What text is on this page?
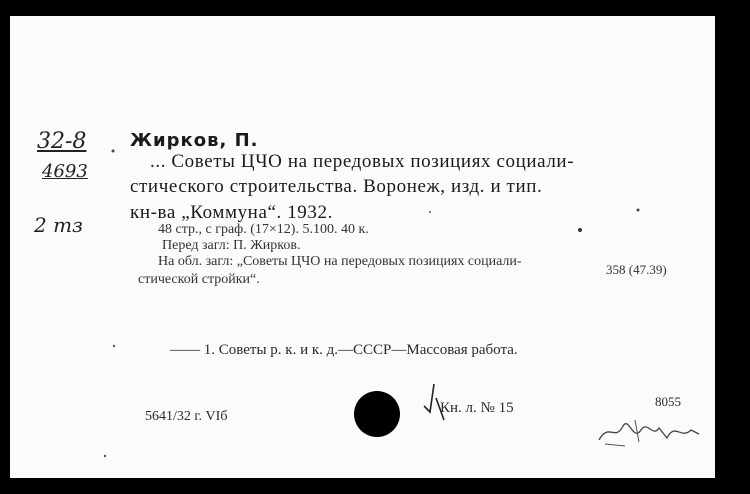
32-8
4693
2 mз
Жирков, П.
... Советы ЦЧО на передовых позициях социали-
стического строительства. Воронеж, изд. и тип.
кн-ва „Коммуна“. 1932.
48 стр., с граф. (17×12). 5.100. 40 к.
Перед загл: П. Жирков.
На обл. загл: „Советы ЦЧО на передовых позициях социали-
стической стройки“.
358 (47.39)
—— 1. Советы р. к. и к. д.—СССР—Массовая работа.
5641/32 г. VIб
Кн. л. № 15	8055
